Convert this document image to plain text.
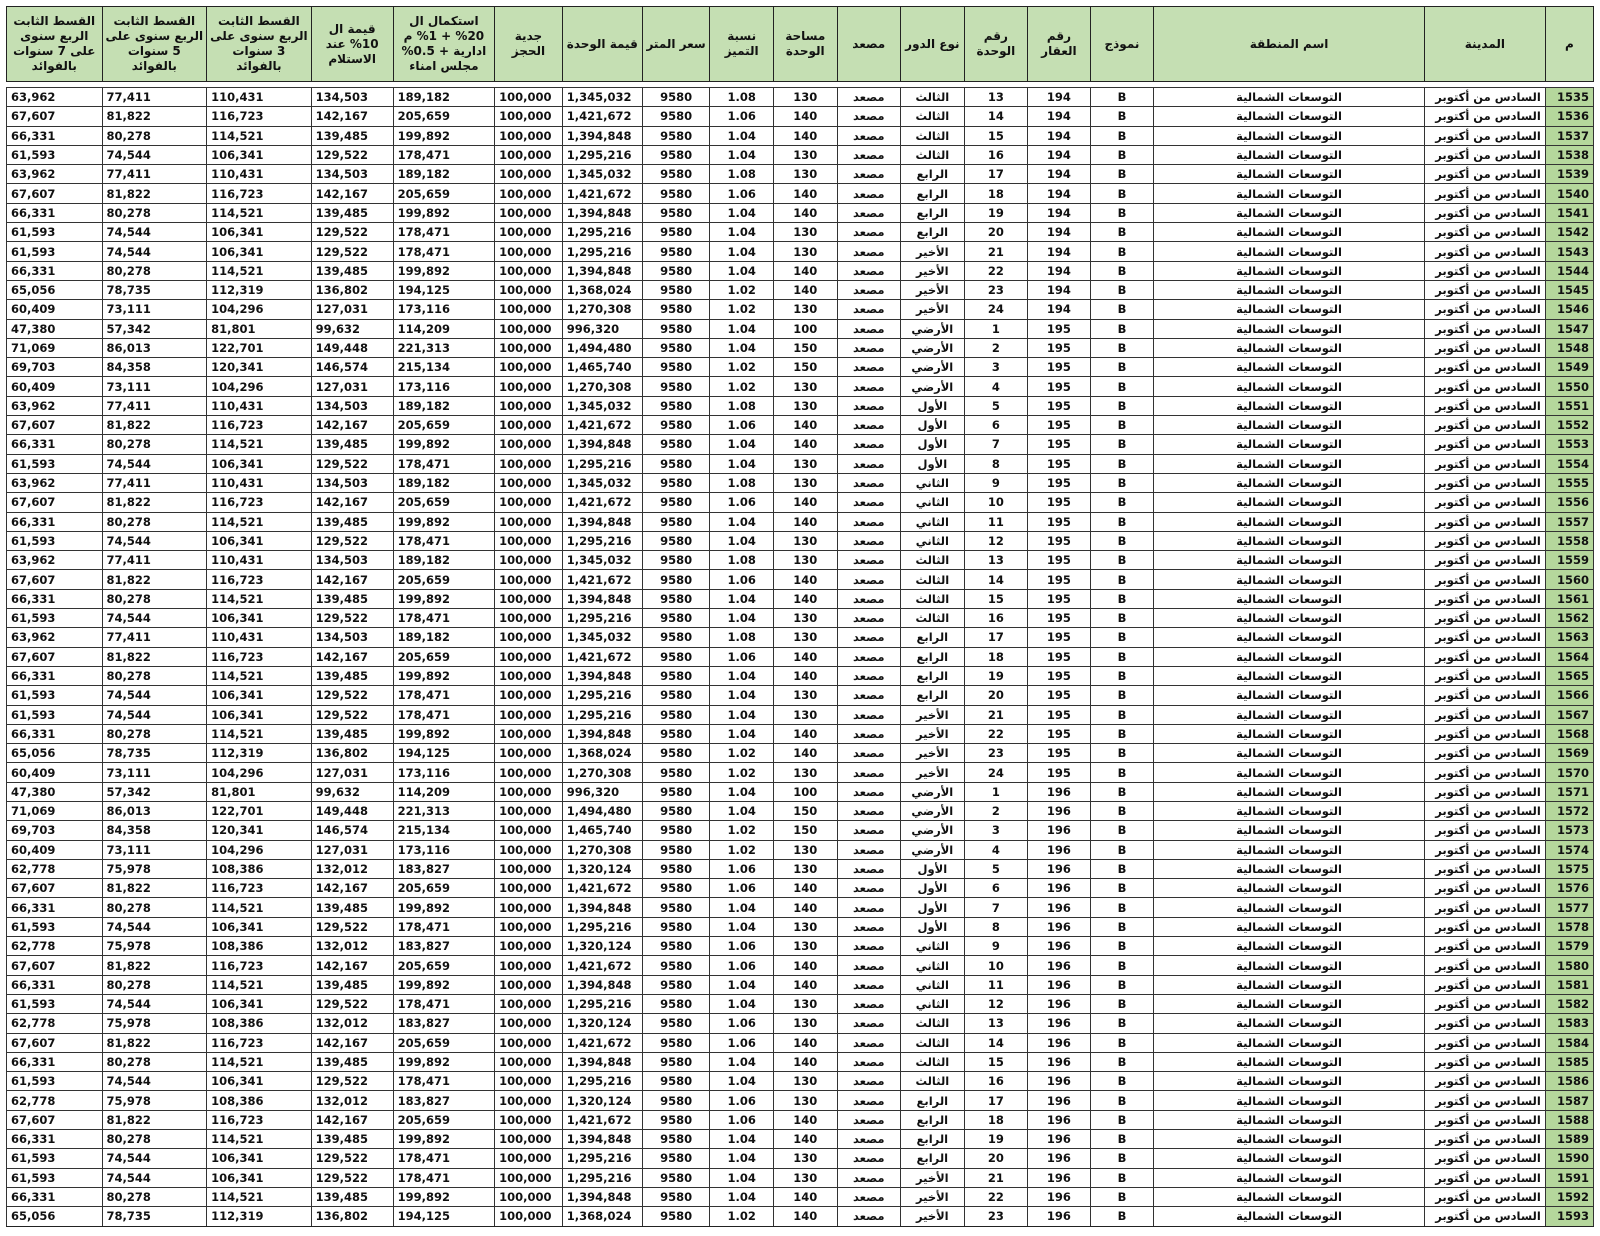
م	المدينة	اسم المنطقة	نموذج	رقم العقار	رقم الوحدة	نوع الدور	مصعد	مساحة الوحدة	نسبة التميز	سعر المتر	قيمة الوحدة	جدية الحجز	استكمال ال 20% + 1% م ادارية + 0.5% مجلس امناء	قيمة ال 10% عند الاستلام	القسط الثابت الربع سنوى على 3 سنوات بالفوائد	القسط الثابت الربع سنوى على 5 سنوات بالفوائد	القسط الثابت الربع سنوى على 7 سنوات بالفوائد

1535	السادس من أكتوبر	التوسعات الشمالية	B	194	13	الثالث	مصعد	130	1.08	9580	1,345,032	100,000	189,182	134,503	110,431	77,411	63,962
1536	السادس من أكتوبر	التوسعات الشمالية	B	194	14	الثالث	مصعد	140	1.06	9580	1,421,672	100,000	205,659	142,167	116,723	81,822	67,607
1537	السادس من أكتوبر	التوسعات الشمالية	B	194	15	الثالث	مصعد	140	1.04	9580	1,394,848	100,000	199,892	139,485	114,521	80,278	66,331
1538	السادس من أكتوبر	التوسعات الشمالية	B	194	16	الثالث	مصعد	130	1.04	9580	1,295,216	100,000	178,471	129,522	106,341	74,544	61,593
1539	السادس من أكتوبر	التوسعات الشمالية	B	194	17	الرابع	مصعد	130	1.08	9580	1,345,032	100,000	189,182	134,503	110,431	77,411	63,962
1540	السادس من أكتوبر	التوسعات الشمالية	B	194	18	الرابع	مصعد	140	1.06	9580	1,421,672	100,000	205,659	142,167	116,723	81,822	67,607
1541	السادس من أكتوبر	التوسعات الشمالية	B	194	19	الرابع	مصعد	140	1.04	9580	1,394,848	100,000	199,892	139,485	114,521	80,278	66,331
1542	السادس من أكتوبر	التوسعات الشمالية	B	194	20	الرابع	مصعد	130	1.04	9580	1,295,216	100,000	178,471	129,522	106,341	74,544	61,593
1543	السادس من أكتوبر	التوسعات الشمالية	B	194	21	الأخير	مصعد	130	1.04	9580	1,295,216	100,000	178,471	129,522	106,341	74,544	61,593
1544	السادس من أكتوبر	التوسعات الشمالية	B	194	22	الأخير	مصعد	140	1.04	9580	1,394,848	100,000	199,892	139,485	114,521	80,278	66,331
1545	السادس من أكتوبر	التوسعات الشمالية	B	194	23	الأخير	مصعد	140	1.02	9580	1,368,024	100,000	194,125	136,802	112,319	78,735	65,056
1546	السادس من أكتوبر	التوسعات الشمالية	B	194	24	الأخير	مصعد	130	1.02	9580	1,270,308	100,000	173,116	127,031	104,296	73,111	60,409
1547	السادس من أكتوبر	التوسعات الشمالية	B	195	1	الأرضي	مصعد	100	1.04	9580	996,320	100,000	114,209	99,632	81,801	57,342	47,380
1548	السادس من أكتوبر	التوسعات الشمالية	B	195	2	الأرضي	مصعد	150	1.04	9580	1,494,480	100,000	221,313	149,448	122,701	86,013	71,069
1549	السادس من أكتوبر	التوسعات الشمالية	B	195	3	الأرضي	مصعد	150	1.02	9580	1,465,740	100,000	215,134	146,574	120,341	84,358	69,703
1550	السادس من أكتوبر	التوسعات الشمالية	B	195	4	الأرضي	مصعد	130	1.02	9580	1,270,308	100,000	173,116	127,031	104,296	73,111	60,409
1551	السادس من أكتوبر	التوسعات الشمالية	B	195	5	الأول	مصعد	130	1.08	9580	1,345,032	100,000	189,182	134,503	110,431	77,411	63,962
1552	السادس من أكتوبر	التوسعات الشمالية	B	195	6	الأول	مصعد	140	1.06	9580	1,421,672	100,000	205,659	142,167	116,723	81,822	67,607
1553	السادس من أكتوبر	التوسعات الشمالية	B	195	7	الأول	مصعد	140	1.04	9580	1,394,848	100,000	199,892	139,485	114,521	80,278	66,331
1554	السادس من أكتوبر	التوسعات الشمالية	B	195	8	الأول	مصعد	130	1.04	9580	1,295,216	100,000	178,471	129,522	106,341	74,544	61,593
1555	السادس من أكتوبر	التوسعات الشمالية	B	195	9	الثاني	مصعد	130	1.08	9580	1,345,032	100,000	189,182	134,503	110,431	77,411	63,962
1556	السادس من أكتوبر	التوسعات الشمالية	B	195	10	الثاني	مصعد	140	1.06	9580	1,421,672	100,000	205,659	142,167	116,723	81,822	67,607
1557	السادس من أكتوبر	التوسعات الشمالية	B	195	11	الثاني	مصعد	140	1.04	9580	1,394,848	100,000	199,892	139,485	114,521	80,278	66,331
1558	السادس من أكتوبر	التوسعات الشمالية	B	195	12	الثاني	مصعد	130	1.04	9580	1,295,216	100,000	178,471	129,522	106,341	74,544	61,593
1559	السادس من أكتوبر	التوسعات الشمالية	B	195	13	الثالث	مصعد	130	1.08	9580	1,345,032	100,000	189,182	134,503	110,431	77,411	63,962
1560	السادس من أكتوبر	التوسعات الشمالية	B	195	14	الثالث	مصعد	140	1.06	9580	1,421,672	100,000	205,659	142,167	116,723	81,822	67,607
1561	السادس من أكتوبر	التوسعات الشمالية	B	195	15	الثالث	مصعد	140	1.04	9580	1,394,848	100,000	199,892	139,485	114,521	80,278	66,331
1562	السادس من أكتوبر	التوسعات الشمالية	B	195	16	الثالث	مصعد	130	1.04	9580	1,295,216	100,000	178,471	129,522	106,341	74,544	61,593
1563	السادس من أكتوبر	التوسعات الشمالية	B	195	17	الرابع	مصعد	130	1.08	9580	1,345,032	100,000	189,182	134,503	110,431	77,411	63,962
1564	السادس من أكتوبر	التوسعات الشمالية	B	195	18	الرابع	مصعد	140	1.06	9580	1,421,672	100,000	205,659	142,167	116,723	81,822	67,607
1565	السادس من أكتوبر	التوسعات الشمالية	B	195	19	الرابع	مصعد	140	1.04	9580	1,394,848	100,000	199,892	139,485	114,521	80,278	66,331
1566	السادس من أكتوبر	التوسعات الشمالية	B	195	20	الرابع	مصعد	130	1.04	9580	1,295,216	100,000	178,471	129,522	106,341	74,544	61,593
1567	السادس من أكتوبر	التوسعات الشمالية	B	195	21	الأخير	مصعد	130	1.04	9580	1,295,216	100,000	178,471	129,522	106,341	74,544	61,593
1568	السادس من أكتوبر	التوسعات الشمالية	B	195	22	الأخير	مصعد	140	1.04	9580	1,394,848	100,000	199,892	139,485	114,521	80,278	66,331
1569	السادس من أكتوبر	التوسعات الشمالية	B	195	23	الأخير	مصعد	140	1.02	9580	1,368,024	100,000	194,125	136,802	112,319	78,735	65,056
1570	السادس من أكتوبر	التوسعات الشمالية	B	195	24	الأخير	مصعد	130	1.02	9580	1,270,308	100,000	173,116	127,031	104,296	73,111	60,409
1571	السادس من أكتوبر	التوسعات الشمالية	B	196	1	الأرضي	مصعد	100	1.04	9580	996,320	100,000	114,209	99,632	81,801	57,342	47,380
1572	السادس من أكتوبر	التوسعات الشمالية	B	196	2	الأرضي	مصعد	150	1.04	9580	1,494,480	100,000	221,313	149,448	122,701	86,013	71,069
1573	السادس من أكتوبر	التوسعات الشمالية	B	196	3	الأرضي	مصعد	150	1.02	9580	1,465,740	100,000	215,134	146,574	120,341	84,358	69,703
1574	السادس من أكتوبر	التوسعات الشمالية	B	196	4	الأرضي	مصعد	130	1.02	9580	1,270,308	100,000	173,116	127,031	104,296	73,111	60,409
1575	السادس من أكتوبر	التوسعات الشمالية	B	196	5	الأول	مصعد	130	1.06	9580	1,320,124	100,000	183,827	132,012	108,386	75,978	62,778
1576	السادس من أكتوبر	التوسعات الشمالية	B	196	6	الأول	مصعد	140	1.06	9580	1,421,672	100,000	205,659	142,167	116,723	81,822	67,607
1577	السادس من أكتوبر	التوسعات الشمالية	B	196	7	الأول	مصعد	140	1.04	9580	1,394,848	100,000	199,892	139,485	114,521	80,278	66,331
1578	السادس من أكتوبر	التوسعات الشمالية	B	196	8	الأول	مصعد	130	1.04	9580	1,295,216	100,000	178,471	129,522	106,341	74,544	61,593
1579	السادس من أكتوبر	التوسعات الشمالية	B	196	9	الثاني	مصعد	130	1.06	9580	1,320,124	100,000	183,827	132,012	108,386	75,978	62,778
1580	السادس من أكتوبر	التوسعات الشمالية	B	196	10	الثاني	مصعد	140	1.06	9580	1,421,672	100,000	205,659	142,167	116,723	81,822	67,607
1581	السادس من أكتوبر	التوسعات الشمالية	B	196	11	الثاني	مصعد	140	1.04	9580	1,394,848	100,000	199,892	139,485	114,521	80,278	66,331
1582	السادس من أكتوبر	التوسعات الشمالية	B	196	12	الثاني	مصعد	130	1.04	9580	1,295,216	100,000	178,471	129,522	106,341	74,544	61,593
1583	السادس من أكتوبر	التوسعات الشمالية	B	196	13	الثالث	مصعد	130	1.06	9580	1,320,124	100,000	183,827	132,012	108,386	75,978	62,778
1584	السادس من أكتوبر	التوسعات الشمالية	B	196	14	الثالث	مصعد	140	1.06	9580	1,421,672	100,000	205,659	142,167	116,723	81,822	67,607
1585	السادس من أكتوبر	التوسعات الشمالية	B	196	15	الثالث	مصعد	140	1.04	9580	1,394,848	100,000	199,892	139,485	114,521	80,278	66,331
1586	السادس من أكتوبر	التوسعات الشمالية	B	196	16	الثالث	مصعد	130	1.04	9580	1,295,216	100,000	178,471	129,522	106,341	74,544	61,593
1587	السادس من أكتوبر	التوسعات الشمالية	B	196	17	الرابع	مصعد	130	1.06	9580	1,320,124	100,000	183,827	132,012	108,386	75,978	62,778
1588	السادس من أكتوبر	التوسعات الشمالية	B	196	18	الرابع	مصعد	140	1.06	9580	1,421,672	100,000	205,659	142,167	116,723	81,822	67,607
1589	السادس من أكتوبر	التوسعات الشمالية	B	196	19	الرابع	مصعد	140	1.04	9580	1,394,848	100,000	199,892	139,485	114,521	80,278	66,331
1590	السادس من أكتوبر	التوسعات الشمالية	B	196	20	الرابع	مصعد	130	1.04	9580	1,295,216	100,000	178,471	129,522	106,341	74,544	61,593
1591	السادس من أكتوبر	التوسعات الشمالية	B	196	21	الأخير	مصعد	130	1.04	9580	1,295,216	100,000	178,471	129,522	106,341	74,544	61,593
1592	السادس من أكتوبر	التوسعات الشمالية	B	196	22	الأخير	مصعد	140	1.04	9580	1,394,848	100,000	199,892	139,485	114,521	80,278	66,331
1593	السادس من أكتوبر	التوسعات الشمالية	B	196	23	الأخير	مصعد	140	1.02	9580	1,368,024	100,000	194,125	136,802	112,319	78,735	65,056
